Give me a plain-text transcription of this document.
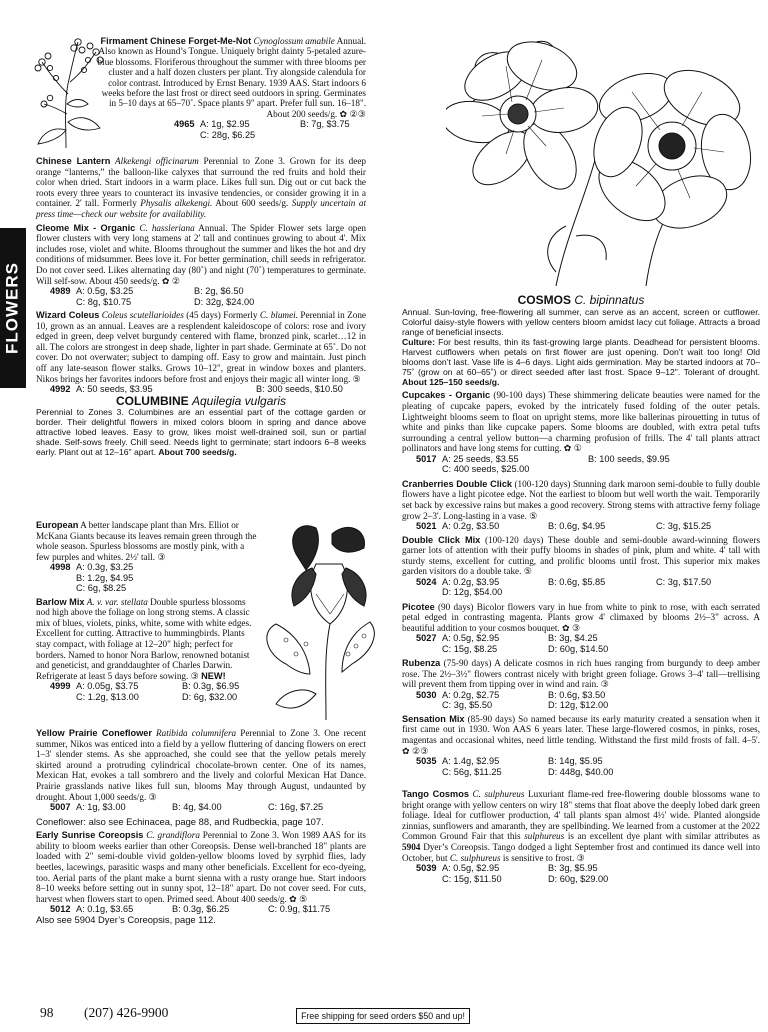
FLOWERS

Firmament Chinese Forget-Me-Not Cynoglossum amabile Annual. Also known as Hound’s Tongue. Uniquely bright dainty 5-petaled azure-blue blossoms. Floriferous throughout the summer with three blooms per cluster and a half dozen clusters per plant. Try alongside calendula for color contrast. Introduced by Ernst Benary. 1939 AAS. Start indoors 6 weeks before the last frost or direct seed outdoors in spring. Germinates in 5–10 days at 65–70˚. Space plants 9" apart. Prefer full sun. 16–18". About 200 seeds/g. ✿ ②③

4965 A: 1g, $2.95	B: 7g, $3.75
C: 28g, $6.25

Chinese Lantern Alkekengi officinarum Perennial to Zone 3. Grown for its deep orange “lanterns,” the balloon-like calyxes that surround the red fruits and hold their color when dried. Start indoors in a warm place. Likes full sun. Dig out or cut back the roots every three years to counteract its invasive tendencies, or consider growing it in a container. 2' tall. Formerly Physalis alkekengi. About 600 seeds/g. Supply uncertain at press time—check our website for availability.

Cleome Mix - Organic C. hassleriana Annual. The Spider Flower sets large open flower clusters with very long stamens at 2' tall and continues growing to about 4'. Mix includes rose, violet and white. Blooms throughout the summer and likes the hot and dry conditions of midsummer. Bees love it. For better germination, chill seeds in refrigerator. Do not cover seed. Likes alternating day (80˚) and night (70˚) temperatures to germinate. Will self-sow. About 450 seeds/g. ✿ ②

4989 A: 0.5g, $3.25	B: 2g, $6.50
C: 8g, $10.75	D: 32g, $24.00

Wizard Coleus Coleus scutellarioides (45 days) Formerly C. blumei. Perennial in Zone 10, grown as an annual. Leaves are a resplendent kaleidoscope of colors: rose and ivory edged in green, deep velvet burgundy centered with flame, bronzed pink, scarlet…12 in all. The colors are strongest in deep shade, lighter in part shade. Germinate at 65˚. Do not cover. Do not overwater; subject to damping off. Easy to grow and maintain. Just pinch off any late-season flower stalks. Grows 10–12", great in window boxes and planters. Nikos brings her favorites indoors before frost and enjoys their magic all winter long. ⑤

4992 A: 50 seeds, $3.95	B: 300 seeds, $10.50
COLUMBINE Aquilegia vulgaris

Perennial to Zones 3. Columbines are an essential part of the cottage garden or border. Their delightful flowers in mixed colors bloom in spring and dance above attractive lobed leaves. Easy to grow, likes moist well-drained soil, sun or partial shade. Self-sows freely. Chill seed. Needs light to germinate; start indoors 6–8 weeks early. Plant out at 12–16" apart. About 700 seeds/g.

European A better landscape plant than Mrs. Elliot or McKana Giants because its leaves remain green through the whole season. Spurless blossoms are mostly pink, with a few purples and whites. 2½' tall. ③

4998 A: 0.3g, $3.25
B: 1.2g, $4.95
C: 6g, $8.25

Barlow Mix A. v. var. stellata Double spurless blossoms nod high above the foliage on long strong stems. A classic mix of blues, violets, pinks, white, some with white edges. Excellent for cutting. Attractive to hummingbirds. Plants stay compact, with foliage at 12–20" high; perfect for borders. Named to honor Nora Barlow, renowned botanist and geneticist, and granddaughter of Charles Darwin. Refrigerate at least 5 days before sowing. ③ NEW!

4999 A: 0.05g, $3.75	B: 0.3g, $6.95
C: 1.2g, $13.00	D: 6g, $32.00

Yellow Prairie Coneflower Ratibida columnifera Perennial to Zone 3. One recent summer, Nikos was enticed into a field by a yellow fluttering of dancing flowers on erect 1–3' slender stems. As she approached, she could see that the yellow petals merely skirted around a protruding cylindrical chocolate-brown center. One of its names, Mexican Hat, evokes a tall sombrero and the lively and colorful Mexican Hat Dance. Prairie grasslands native likes full sun, blooms May through August, undaunted by drought. About 1,000 seeds/g. ③

5007 A: 1g, $3.00	B: 4g, $4.00	C: 16g, $7.25

Coneflower: also see Echinacea, page 88, and Rudbeckia, page 107.

Early Sunrise Coreopsis C. grandiflora Perennial to Zone 3. Won 1989 AAS for its ability to bloom weeks earlier than other Coreopsis. Dense well-branched 18" plants are loaded with 2" semi-double vivid golden-yellow blooms loved by syrphid flies, lady beetles, lacewings, parasitic wasps and many other beneficials. Excellent for eco-dyeing, too. Aerial parts of the plant make a burnt sienna with a rusty orange hue. Start indoors 8–10 weeks before setting out in sunny spot, 12–18" apart. Do not cover seed. For cuts, harvest when flowers start to open. Primed seed. About 400 seeds/g. ✿ ⑤

5012 A: 0.1g, $3.65	B: 0.3g, $6.25	C: 0.9g, $11.75

Also see 5904 Dyer’s Coreopsis, page 112.

COSMOS C. bipinnatus

Annual. Sun-loving, free-flowering all summer, can serve as an accent, screen or cutflower. Colorful daisy-style flowers with yellow centers bloom amidst lacy cut foliage. Attracts a broad range of beneficial insects.

Culture: For best results, thin its fast-growing large plants. Deadhead for persistent blooms. Harvest cutflowers when petals on first flower are just opening. Don’t wait too long! Old blooms don’t last. Vase life is 4–6 days. Light aids germination. May be started indoors at 70–75˚ (grow on at 60–65˚) or direct seeded after last frost. Space 9–12". Tolerant of drought. About 125–150 seeds/g.

Cupcakes - Organic (90-100 days) These shimmering delicate beauties were named for the pleating of cupcake papers, evoked by the intricately fused folding of the outer petals. Lightweight blooms seem to float on upright stems, more like ballerinas pirouetting in tutus of white and pinks than like cupcake papers. Some blooms are doubled, with extra petal tufts surrounding a central yellow button—a charming profusion of frills. The 4' tall plants attract pollinators and have long stems for cutting. ✿ ①

5017 A: 25 seeds, $3.55	B: 100 seeds, $9.95
C: 400 seeds, $25.00

Cranberries Double Click (100-120 days) Stunning dark maroon semi-double to fully double flowers have a light picotee edge. Not the earliest to bloom but well worth the wait. Temporarily set back by excessive rains but makes a good recovery. Strong stems with attractive ferny foliage grow 2–3'. Long-lasting in a vase. ⑤

5021 A: 0.2g, $3.50	B: 0.6g, $4.95	C: 3g, $15.25

Double Click Mix (100-120 days) These double and semi-double award-winning flowers garner lots of attention with their puffy blooms in shades of pink, plum and white. 4' tall with sturdy stems, excellent for cutting, and prolific blooms until frost. This superior mix makes garden visitors do a double take. ⑤

5024 A: 0.2g, $3.95	B: 0.6g, $5.85	C: 3g, $17.50
D: 12g, $54.00

Picotee (90 days) Bicolor flowers vary in hue from white to pink to rose, with each serrated petal edged in contrasting magenta. Plants grow 4' climaxed by blooms 2½–3" across. A beautiful addition to your cosmos bouquet. ✿ ③

5027 A: 0.5g, $2.95	B: 3g, $4.25
C: 15g, $8.25	D: 60g, $14.50

Rubenza (75-90 days) A delicate cosmos in rich hues ranging from burgundy to deep amber rose. The 2½–3½" flowers contrast nicely with bright green foliage. Grows 3–4' tall—trellising will prevent them from tipping over in wind and rain. ③

5030 A: 0.2g, $2.75	B: 0.6g, $3.50
C: 3g, $5.50	D: 12g, $12.00

Sensation Mix (85-90 days) So named because its early maturity created a sensation when it first came out in 1930. Won AAS 6 years later. These large-flowered cosmos, in pinks, roses, magentas and occasional whites, need little tending. Withstand the first mild frosts of fall. 4–5'. ✿ ②③

5035 A: 1.4g, $2.95	B: 14g, $5.95
C: 56g, $11.25	D: 448g, $40.00

Tango Cosmos C. sulphureus Luxuriant flame-red free-flowering double blossoms wane to bright orange with yellow centers on wiry 18" stems that float above the deeply lobed dark green foliage. Ideal for cutflower production, 4' tall plants span almost 4½' wide. Planted alongside zinnias, sunflowers and amaranth, they are spellbinding. We learned from a customer at the 2022 Common Ground Fair that this sulphureus is an excellent dye plant with similar attributes as 5904 Dyer’s Coreopsis. Tango dodged a light September frost and continued its dance well into October, but C. sulphureus is sensitive to frost. ③

5039 A: 0.5g, $2.95	B: 3g, $5.95
C: 15g, $11.50	D: 60g, $29.00
98 (207) 426-9900	Free shipping for seed orders $50 and up!
